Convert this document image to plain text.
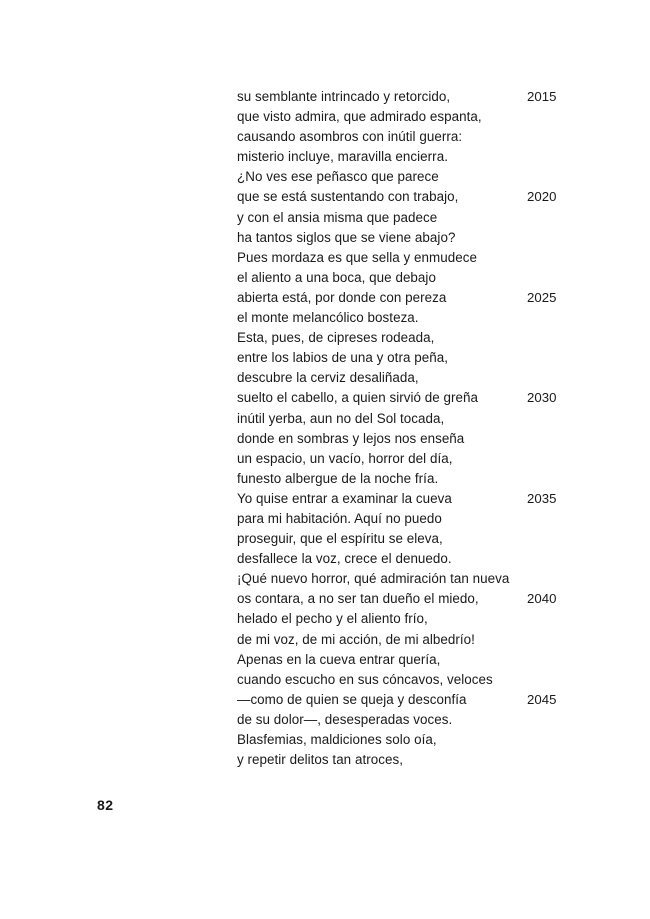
su semblante intrincado y retorcido,	2015
que visto admira, que admirado espanta,
causando asombros con inútil guerra:
misterio incluye, maravilla encierra.
¿No ves ese peñasco que parece
que se está sustentando con trabajo,	2020
y con el ansia misma que padece
ha tantos siglos que se viene abajo?
Pues mordaza es que sella y enmudece
el aliento a una boca, que debajo
abierta está, por donde con pereza	2025
el monte melancólico bosteza.
Esta, pues, de cipreses rodeada,
entre los labios de una y otra peña,
descubre la cerviz desaliñada,
suelto el cabello, a quien sirvió de greña	2030
inútil yerba, aun no del Sol tocada,
donde en sombras y lejos nos enseña
un espacio, un vacío, horror del día,
funesto albergue de la noche fría.
Yo quise entrar a examinar la cueva	2035
para mi habitación. Aquí no puedo
proseguir, que el espíritu se eleva,
desfallece la voz, crece el denuedo.
¡Qué nuevo horror, qué admiración tan nueva
os contara, a no ser tan dueño el miedo,	2040
helado el pecho y el aliento frío,
de mi voz, de mi acción, de mi albedrío!
Apenas en la cueva entrar quería,
cuando escucho en sus cóncavos, veloces
—como de quien se queja y desconfía	2045
de su dolor—, desesperadas voces.
Blasfemias, maldiciones solo oía,
y repetir delitos tan atroces,
82
